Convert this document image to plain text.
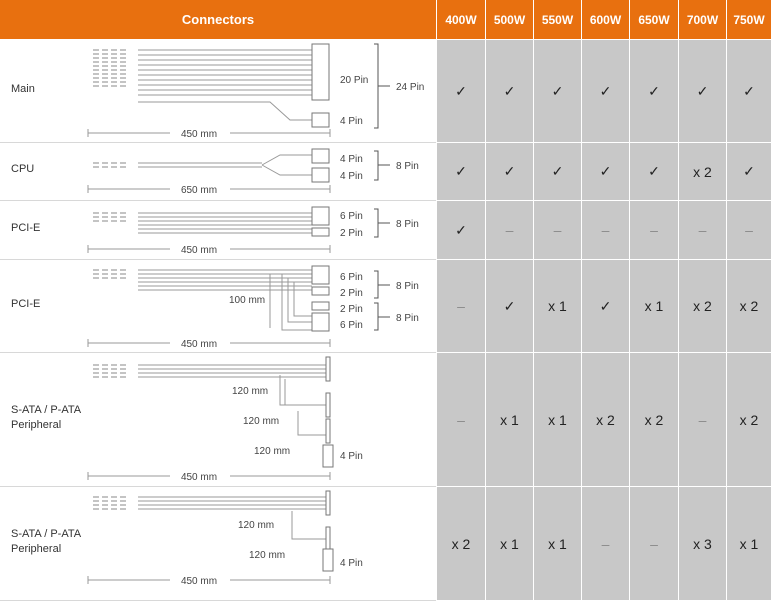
Connectors	400W	500W	550W	600W	650W	700W	750W
Main
20 Pin
4 Pin
24 Pin
450 mm
✓	✓	✓	✓	✓	✓	✓
CPU
4 Pin
4 Pin
8 Pin
650 mm
✓	✓	✓	✓	✓	x 2	✓
PCI-E
6 Pin
2 Pin
8 Pin
450 mm
✓	–	–	–	–	–	–
PCI-E
6 Pin
2 Pin
2 Pin
6 Pin
8 Pin
8 Pin
100 mm
450 mm
–	✓	x 1	✓	x 1	x 2	x 2
S-ATA / P-ATA
Peripheral
120 mm
120 mm
120 mm	4 Pin
450 mm
–	x 1	x 1	x 2	x 2	–	x 2
S-ATA / P-ATA
Peripheral
120 mm
120 mm
4 Pin
450 mm
x 2	x 1	x 1	–	–	x 3	x 1
